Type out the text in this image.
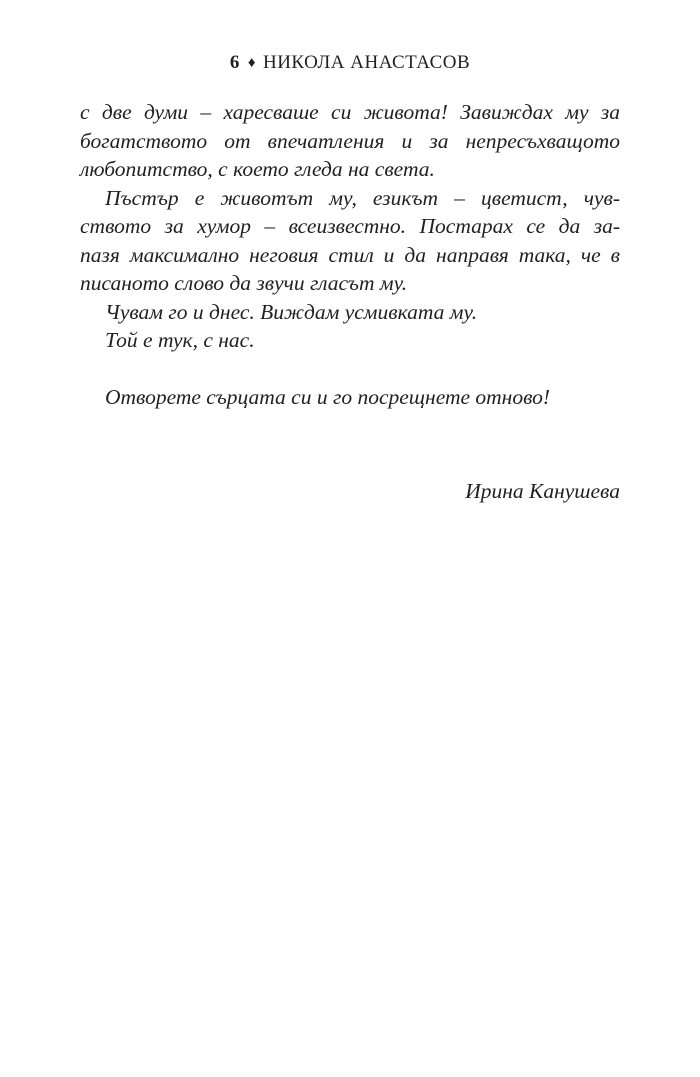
6 ♦ НИКОЛА АНАСТАСОВ
с две думи – харесваше си живота! Завиждах му за
богатството от впечатления и за непресъхващото
любопитство, с което гледа на света.
Пъстър е животът му, езикът – цветист, чув-
ството за хумор – всеизвестно. Постарах се да за-
пазя максимално неговия стил и да направя така, че в
писаното слово да звучи гласът му.
Чувам го и днес. Виждам усмивката му.
Той е тук, с нас.
Отворете сърцата си и го посрещнете отново!
Ирина Канушева
